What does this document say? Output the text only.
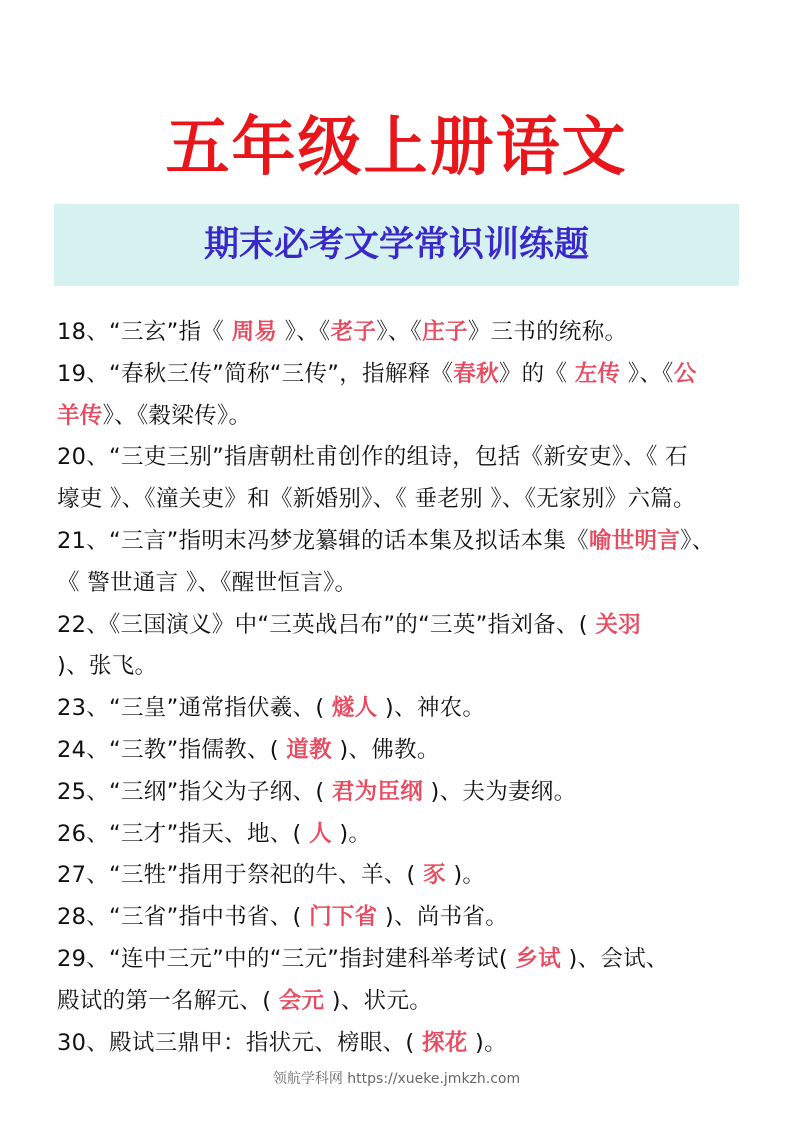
五年级上册语文
期末必考文学常识训练题
18、“三玄”指《 周易 》、《老子》、《庄子》三书的统称。
19、“春秋三传”简称“三传”，指解释《春秋》的《 左传 》、《公
羊传》、《穀梁传》。
20、“三吏三别”指唐朝杜甫创作的组诗，包括《新安吏》、《 石
壕吏 》、《潼关吏》和《新婚别》、《 垂老别 》、《无家别》六篇。
21、“三言”指明末冯梦龙纂辑的话本集及拟话本集《喻世明言》、
《 警世通言 》、《醒世恒言》。
22、《三国演义》中“三英战吕布”的“三英”指刘备、( 关羽
)、张飞。
23、“三皇”通常指伏羲、( 燧人 )、神农。
24、“三教”指儒教、( 道教 )、佛教。
25、“三纲”指父为子纲、( 君为臣纲 )、夫为妻纲。
26、“三才”指天、地、( 人 )。
27、“三牲”指用于祭祀的牛、羊、( 豕 )。
28、“三省”指中书省、( 门下省 )、尚书省。
29、“连中三元”中的“三元”指封建科举考试( 乡试 )、会试、
殿试的第一名解元、( 会元 )、状元。
30、殿试三鼎甲：指状元、榜眼、( 探花 )。
领航学科网 https://xueke.jmkzh.com
